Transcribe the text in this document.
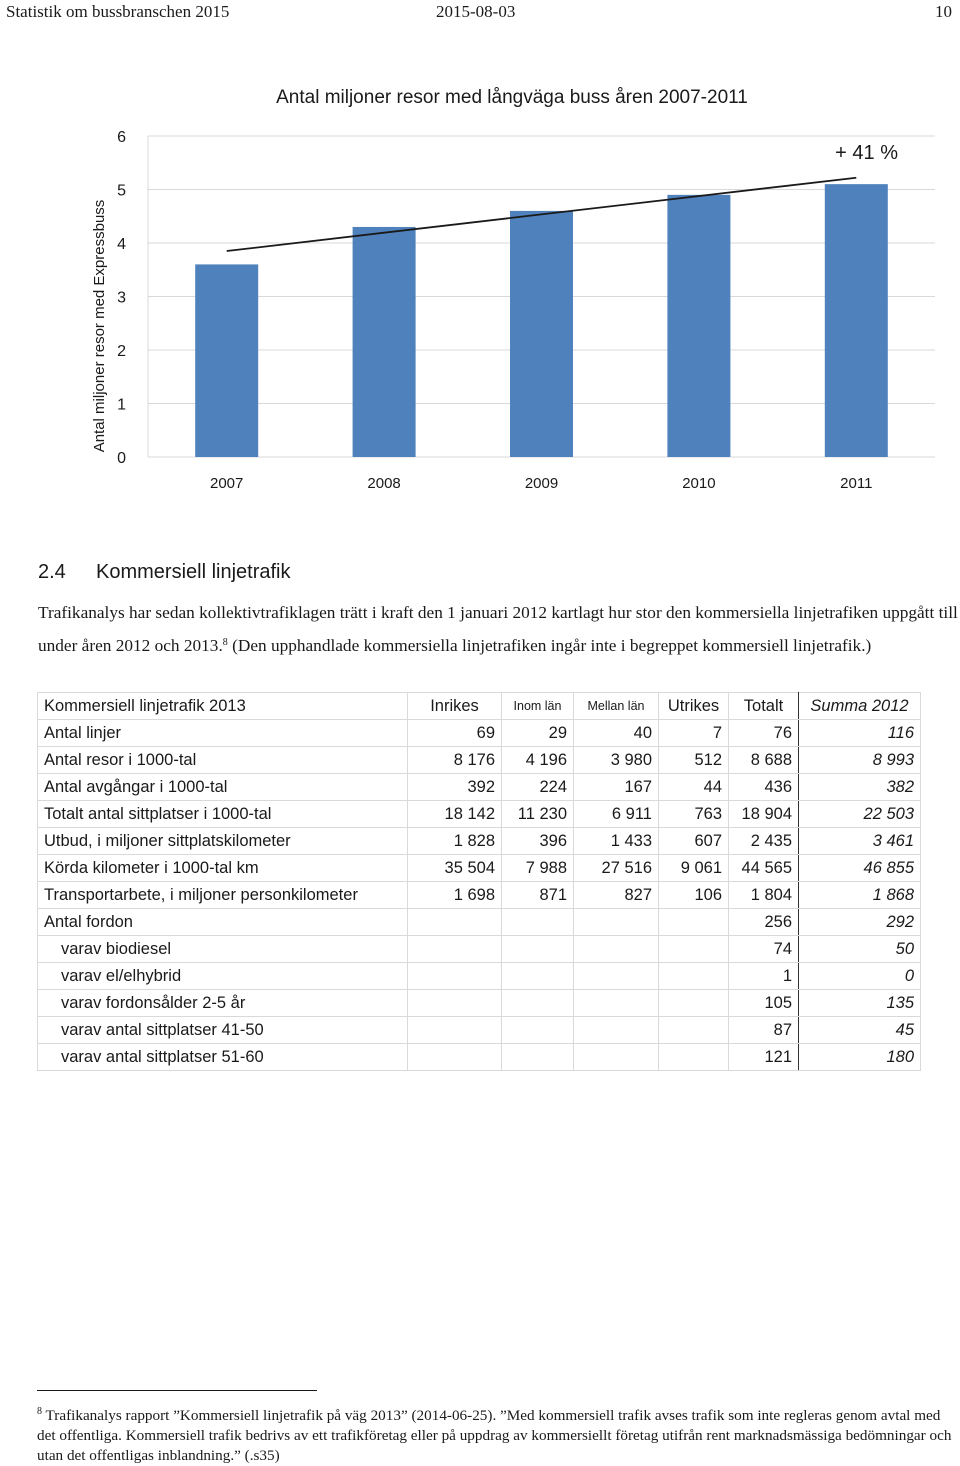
Statistik om bussbranschen 2015	2015-08-03	10
Antal miljoner resor med långväga buss åren 2007-2011
Antal miljoner resor med Expressbuss
0
1
2
3
4
5
6
2007	2008	2009	2010	2011
+ 41 %
2.4 Kommersiell linjetrafik
Trafikanalys har sedan kollektivtrafiklagen trätt i kraft den 1 januari 2012 kartlagt hur stor den kommersiella linjetrafiken uppgått till under åren 2012 och 2013.$^8$ (Den upphandlade kommersiella linjetrafiken ingår inte i begreppet kommersiell linjetrafik.)
Kommersiell linjetrafik 2013	Inrikes	Inom län	Mellan län	Utrikes	Totalt	Summa 2012
Antal linjer	69	29	40	7	76	116
Antal resor i 1000-tal	8 176	4 196	3 980	512	8 688	8 993
Antal avgångar i 1000-tal	392	224	167	44	436	382
Totalt antal sittplatser i 1000-tal	18 142	11 230	6 911	763	18 904	22 503
Utbud, i miljoner sittplatskilometer	1 828	396	1 433	607	2 435	3 461
Körda kilometer i 1000-tal km	35 504	7 988	27 516	9 061	44 565	46 855
Transportarbete, i miljoner personkilometer	1 698	871	827	106	1 804	1 868
Antal fordon					256	292
varav biodiesel					74	50
varav el/elhybrid					1	0
varav fordonsålder 2-5 år					105	135
varav antal sittplatser 41-50					87	45
varav antal sittplatser 51-60					121	180
$^8$ Trafikanalys rapport ”Kommersiell linjetrafik på väg 2013” (2014-06-25). ”Med kommersiell trafik avses trafik som inte regleras genom avtal med det offentliga. Kommersiell trafik bedrivs av ett trafikföretag eller på uppdrag av kommersiellt företag utifrån rent marknadsmässiga bedömningar och utan det offentligas inblandning.” (.s35)
